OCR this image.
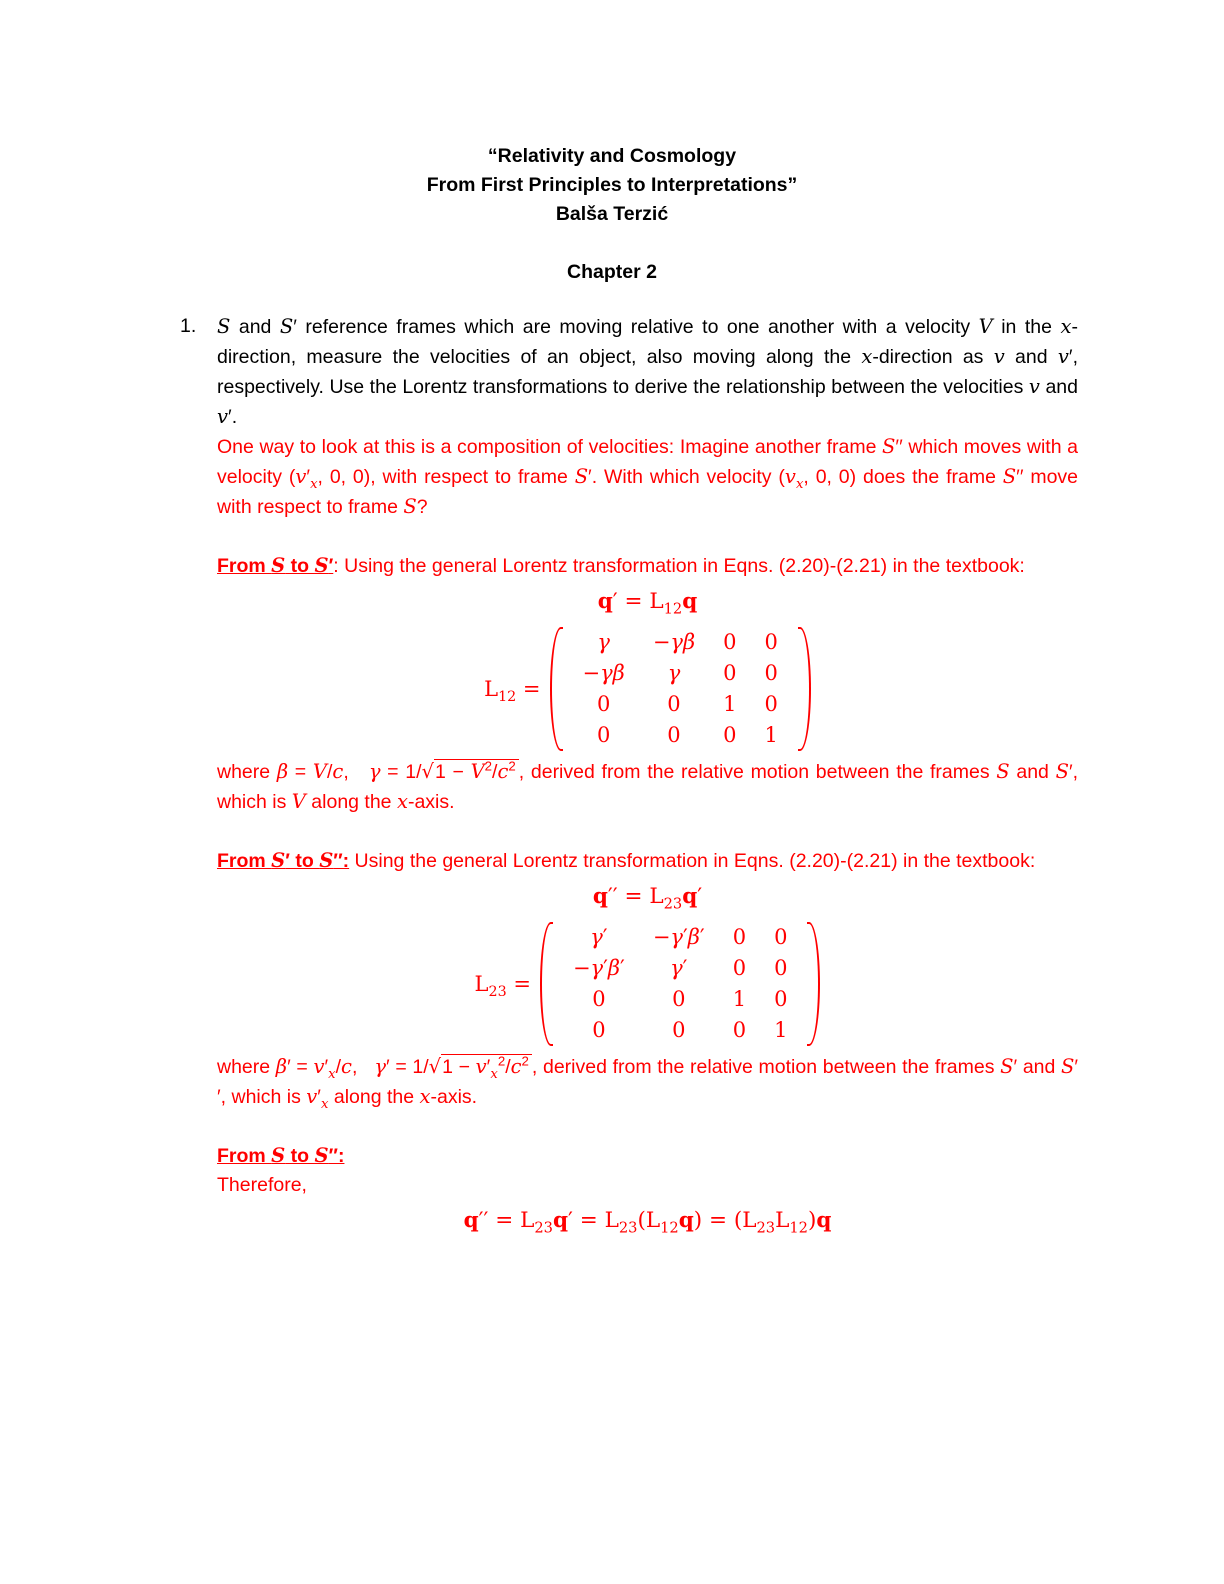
“Relativity and Cosmology
From First Principles to Interpretations”
Balša Terzić
Chapter 2
1.	S and S′ reference frames which are moving relative to one another with a velocity V in the x-direction, measure the velocities of an object, also moving along the x-direction as v and v′, respectively. Use the Lorentz transformations to derive the relationship between the velocities v and v′.

One way to look at this is a composition of velocities: Imagine another frame S′′ which moves with a velocity ($v'_x$, 0, 0), with respect to frame S′. With which velocity ($v_x$, 0, 0) does the frame S′′ move with respect to frame S?

From S to S′: Using the general Lorentz transformation in Eqns. (2.20)-(2.21) in the textbook:

$q' = L_{12}q$
$L_{12}$ =
γ	−γβ	0	0
−γβ	γ	0	0
0	0	1	0
0	0	0	1

where β = V/c,   $\gamma = 1/√1 - V^2/c^2$ , derived from the relative motion between the frames S and S′, which is V along the x-axis.

From S′ to S′′: Using the general Lorentz transformation in Eqns. (2.20)-(2.21) in the textbook:

$q'' = L_{23}q'$
$L_{23}$ =
γ′	−γ′β′	0	0
−γ′β′	γ′	0	0
0	0	1	0
0	0	0	1

where $\beta' = v'_x/c$,   $\gamma' = 1/√1 - v'_x^2/c^2$ , derived from the relative motion between the frames S′ and S′′, which is $v'_x$ along the x-axis.

From S to S′′:

Therefore,

$q'' = L_{23}q' = L_{23}(L_{12}q) = (L_{23}L_{12})q$
